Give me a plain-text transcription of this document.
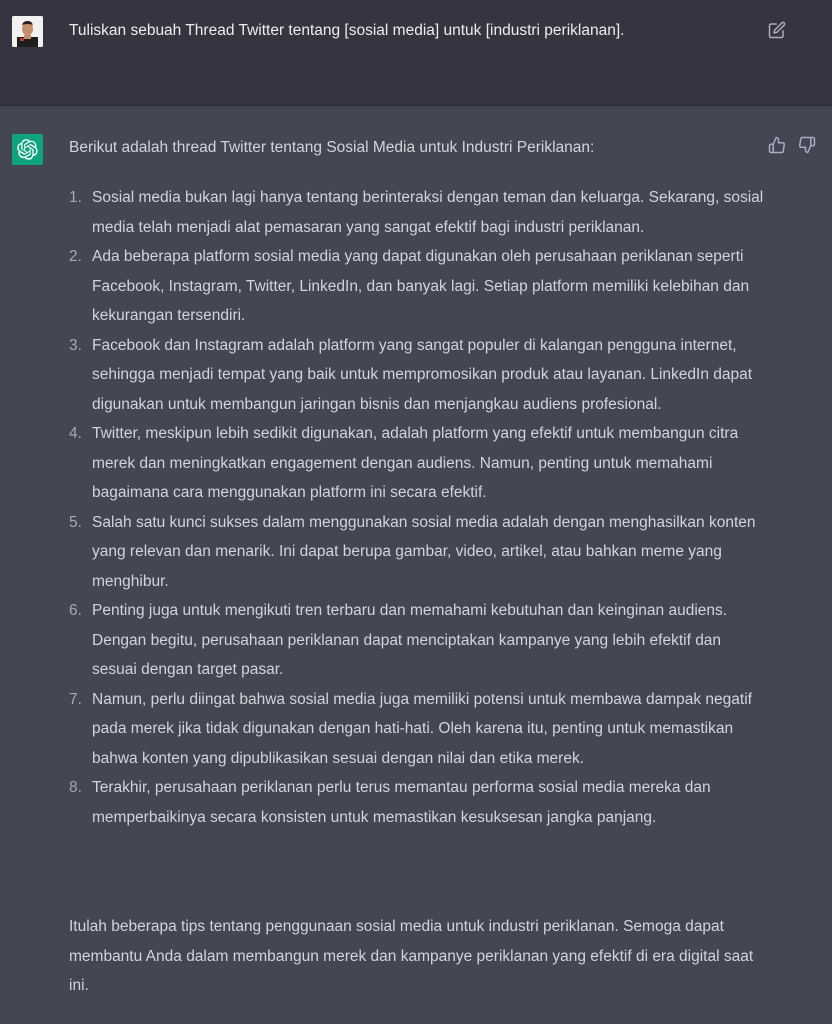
Tuliskan sebuah Thread Twitter tentang [sosial media] untuk [industri periklanan].
Berikut adalah thread Twitter tentang Sosial Media untuk Industri Periklanan:
1. Sosial media bukan lagi hanya tentang berinteraksi dengan teman dan keluarga. Sekarang, sosial media telah menjadi alat pemasaran yang sangat efektif bagi industri periklanan.
2. Ada beberapa platform sosial media yang dapat digunakan oleh perusahaan periklanan seperti Facebook, Instagram, Twitter, LinkedIn, dan banyak lagi. Setiap platform memiliki kelebihan dan kekurangan tersendiri.
3. Facebook dan Instagram adalah platform yang sangat populer di kalangan pengguna internet, sehingga menjadi tempat yang baik untuk mempromosikan produk atau layanan. LinkedIn dapat digunakan untuk membangun jaringan bisnis dan menjangkau audiens profesional.
4. Twitter, meskipun lebih sedikit digunakan, adalah platform yang efektif untuk membangun citra merek dan meningkatkan engagement dengan audiens. Namun, penting untuk memahami bagaimana cara menggunakan platform ini secara efektif.
5. Salah satu kunci sukses dalam menggunakan sosial media adalah dengan menghasilkan konten yang relevan dan menarik. Ini dapat berupa gambar, video, artikel, atau bahkan meme yang menghibur.
6. Penting juga untuk mengikuti tren terbaru dan memahami kebutuhan dan keinginan audiens. Dengan begitu, perusahaan periklanan dapat menciptakan kampanye yang lebih efektif dan sesuai dengan target pasar.
7. Namun, perlu diingat bahwa sosial media juga memiliki potensi untuk membawa dampak negatif pada merek jika tidak digunakan dengan hati-hati. Oleh karena itu, penting untuk memastikan bahwa konten yang dipublikasikan sesuai dengan nilai dan etika merek.
8. Terakhir, perusahaan periklanan perlu terus memantau performa sosial media mereka dan memperbaikinya secara konsisten untuk memastikan kesuksesan jangka panjang.
Itulah beberapa tips tentang penggunaan sosial media untuk industri periklanan. Semoga dapat membantu Anda dalam membangun merek dan kampanye periklanan yang efektif di era digital saat ini.
